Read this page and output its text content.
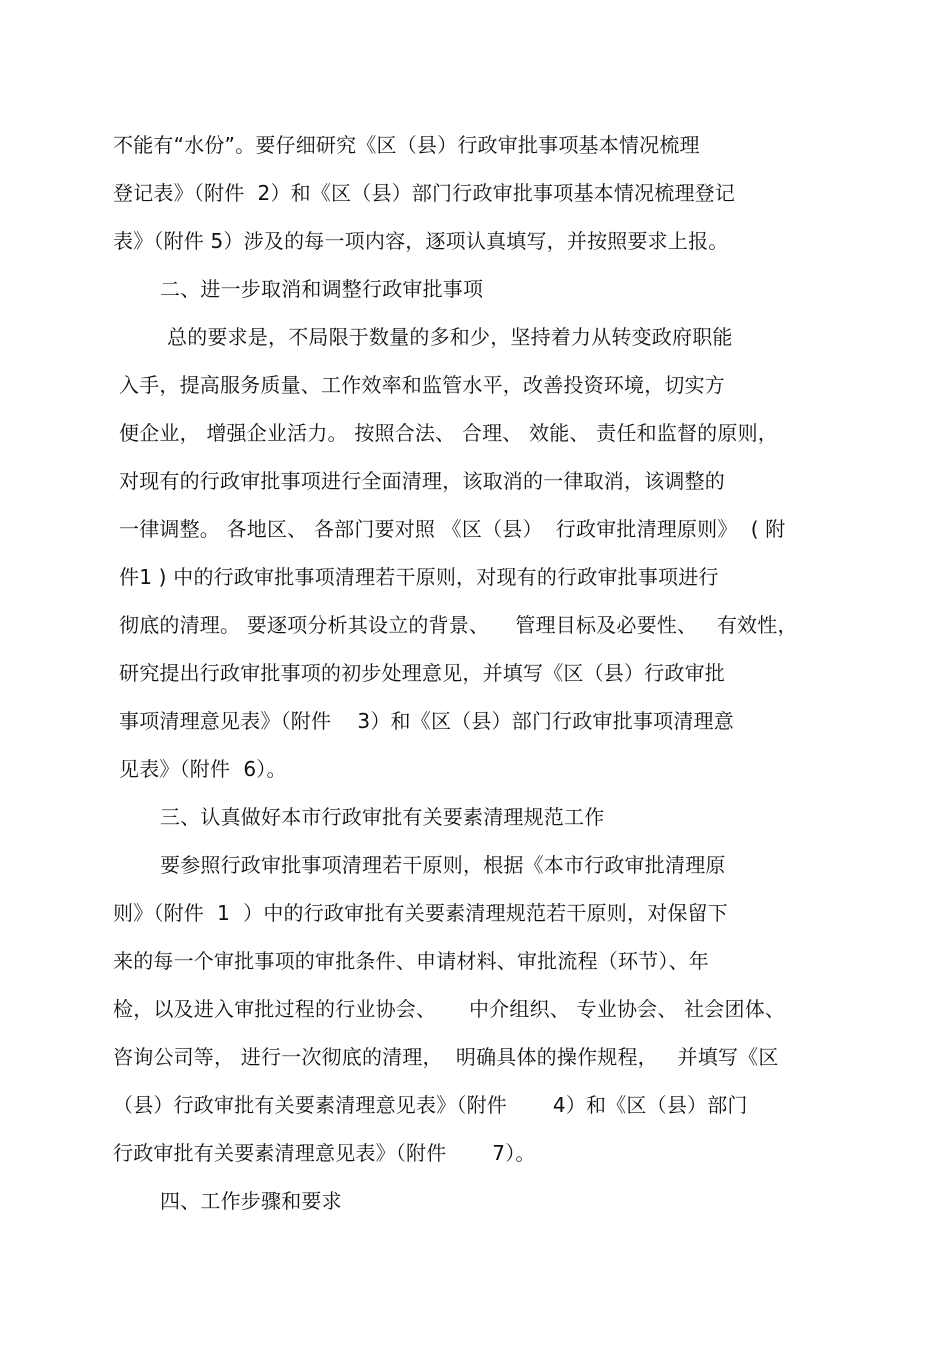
不能有“水份”。要仔细研究《区（县）行政审批事项基本情况梳理
登记表》（附件  2）和《区（县）部门行政审批事项基本情况梳理登记
表》（附件 5）涉及的每一项内容，逐项认真填写，并按照要求上报。
二、进一步取消和调整行政审批事项
总的要求是，不局限于数量的多和少，坚持着力从转变政府职能
入手，提高服务质量、工作效率和监管水平，改善投资环境，切实方
便企业， 增强企业活力。 按照合法、 合理、 效能、 责任和监督的原则，
对现有的行政审批事项进行全面清理，该取消的一律取消，该调整的
一律调整。 各地区、 各部门要对照 《区（县）  行政审批清理原则》  ( 附
件1 ) 中的行政审批事项清理若干原则，对现有的行政审批事项进行
彻底的清理。 要逐项分析其设立的背景、    管理目标及必要性、   有效性，
研究提出行政审批事项的初步处理意见，并填写《区（县）行政审批
事项清理意见表》（附件    3）和《区（县）部门行政审批事项清理意
见表》（附件  6）。
三、认真做好本市行政审批有关要素清理规范工作
要参照行政审批事项清理若干原则，根据《本市行政审批清理原
则》（附件  1  ）中的行政审批有关要素清理规范若干原则，对保留下
来的每一个审批事项的审批条件、申请材料、审批流程（环节）、年
检，以及进入审批过程的行业协会、     中介组织、 专业协会、 社会团体、
咨询公司等， 进行一次彻底的清理，  明确具体的操作规程，   并填写《区
（县）行政审批有关要素清理意见表》（附件       4）和《区（县）部门
行政审批有关要素清理意见表》（附件       7）。
四、工作步骤和要求
